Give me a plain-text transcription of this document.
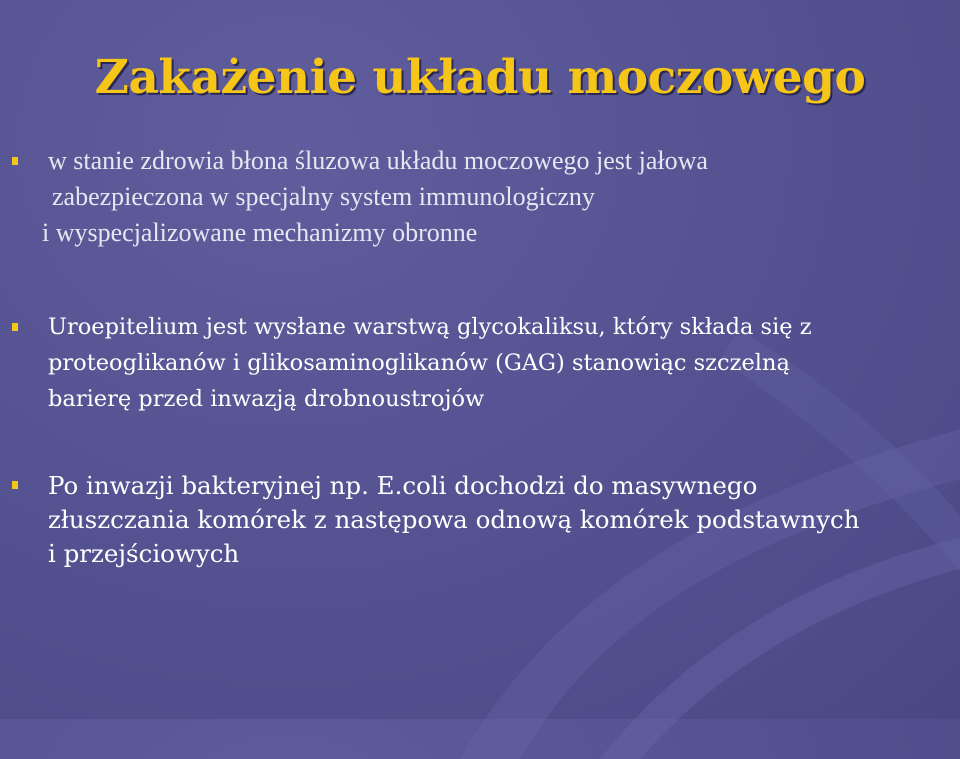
Zakażenie układu moczowego
w stanie zdrowia błona śluzowa układu moczowego jest jałowa
zabezpieczona w specjalny system immunologiczny
i wyspecjalizowane mechanizmy obronne
Uroepitelium jest wysłane warstwą glycokaliksu, który składa się z
proteoglikanów i glikosaminoglikanów (GAG) stanowiąc szczelną
barierę przed inwazją drobnoustrojów
Po inwazji bakteryjnej np. E.coli dochodzi do masywnego
złuszczania komórek z następowa odnową komórek podstawnych
i przejściowych
